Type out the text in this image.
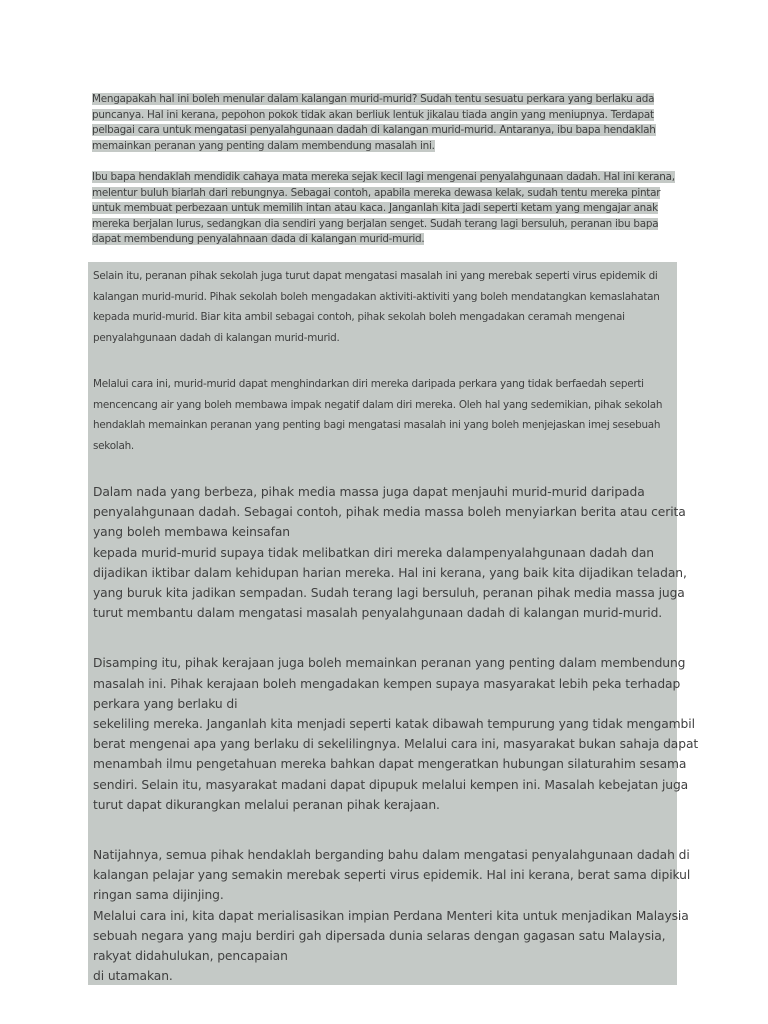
Mengapakah hal ini boleh menular dalam kalangan murid-murid? Sudah tentu sesuatu perkara yang berlaku ada puncanya. Hal ini kerana, pepohon pokok tidak akan berliuk lentuk jikalau tiada angin yang meniupnya. Terdapat pelbagai cara untuk mengatasi penyalahgunaan dadah di kalangan murid-murid. Antaranya, ibu bapa hendaklah memainkan peranan yang penting dalam membendung masalah ini.

Ibu bapa hendaklah mendidik cahaya mata mereka sejak kecil lagi mengenai penyalahgunaan dadah. Hal ini kerana, melentur buluh biarlah dari rebungnya. Sebagai contoh, apabila mereka dewasa kelak, sudah tentu mereka pintar untuk membuat perbezaan untuk memilih intan atau kaca. Janganlah kita jadi seperti ketam yang mengajar anak mereka berjalan lurus, sedangkan dia sendiri yang berjalan senget. Sudah terang lagi bersuluh, peranan ibu bapa dapat membendung penyalahnaan dada di kalangan murid-murid.

Selain itu, peranan pihak sekolah juga turut dapat mengatasi masalah ini yang merebak seperti virus epidemik di
kalangan murid-murid. Pihak sekolah boleh mengadakan aktiviti-aktiviti yang boleh mendatangkan kemaslahatan
kepada murid-murid. Biar kita ambil sebagai contoh, pihak sekolah boleh mengadakan ceramah mengenai
penyalahgunaan dadah di kalangan murid-murid.

Melalui cara ini, murid-murid dapat menghindarkan diri mereka daripada perkara yang tidak berfaedah seperti
mencencang air yang boleh membawa impak negatif dalam diri mereka. Oleh hal yang sedemikian, pihak sekolah
hendaklah memainkan peranan yang penting bagi mengatasi masalah ini yang boleh menjejaskan imej sesebuah
sekolah.

Dalam nada yang berbeza, pihak media massa juga dapat menjauhi murid-murid daripada
penyalahgunaan dadah. Sebagai contoh, pihak media massa boleh menyiarkan berita atau cerita
yang boleh membawa keinsafan
kepada murid-murid supaya tidak melibatkan diri mereka dalampenyalahgunaan dadah dan
dijadikan iktibar dalam kehidupan harian mereka. Hal ini kerana, yang baik kita dijadikan teladan,
yang buruk kita jadikan sempadan. Sudah terang lagi bersuluh, peranan pihak media massa juga
turut membantu dalam mengatasi masalah penyalahgunaan dadah di kalangan murid-murid.

Disamping itu, pihak kerajaan juga boleh memainkan peranan yang penting dalam membendung
masalah ini. Pihak kerajaan boleh mengadakan kempen supaya masyarakat lebih peka terhadap
perkara yang berlaku di
sekeliling mereka. Janganlah kita menjadi seperti katak dibawah tempurung yang tidak mengambil
berat mengenai apa yang berlaku di sekelilingnya. Melalui cara ini, masyarakat bukan sahaja dapat
menambah ilmu pengetahuan mereka bahkan dapat mengeratkan hubungan silaturahim sesama
sendiri. Selain itu, masyarakat madani dapat dipupuk melalui kempen ini. Masalah kebejatan juga
turut dapat dikurangkan melalui peranan pihak kerajaan.

Natijahnya, semua pihak hendaklah berganding bahu dalam mengatasi penyalahgunaan dadah di
kalangan pelajar yang semakin merebak seperti virus epidemik. Hal ini kerana, berat sama dipikul
ringan sama dijinjing.
Melalui cara ini, kita dapat merialisasikan impian Perdana Menteri kita untuk menjadikan Malaysia
sebuah negara yang maju berdiri gah dipersada dunia selaras dengan gagasan satu Malaysia,
rakyat didahulukan, pencapaian
di utamakan.
